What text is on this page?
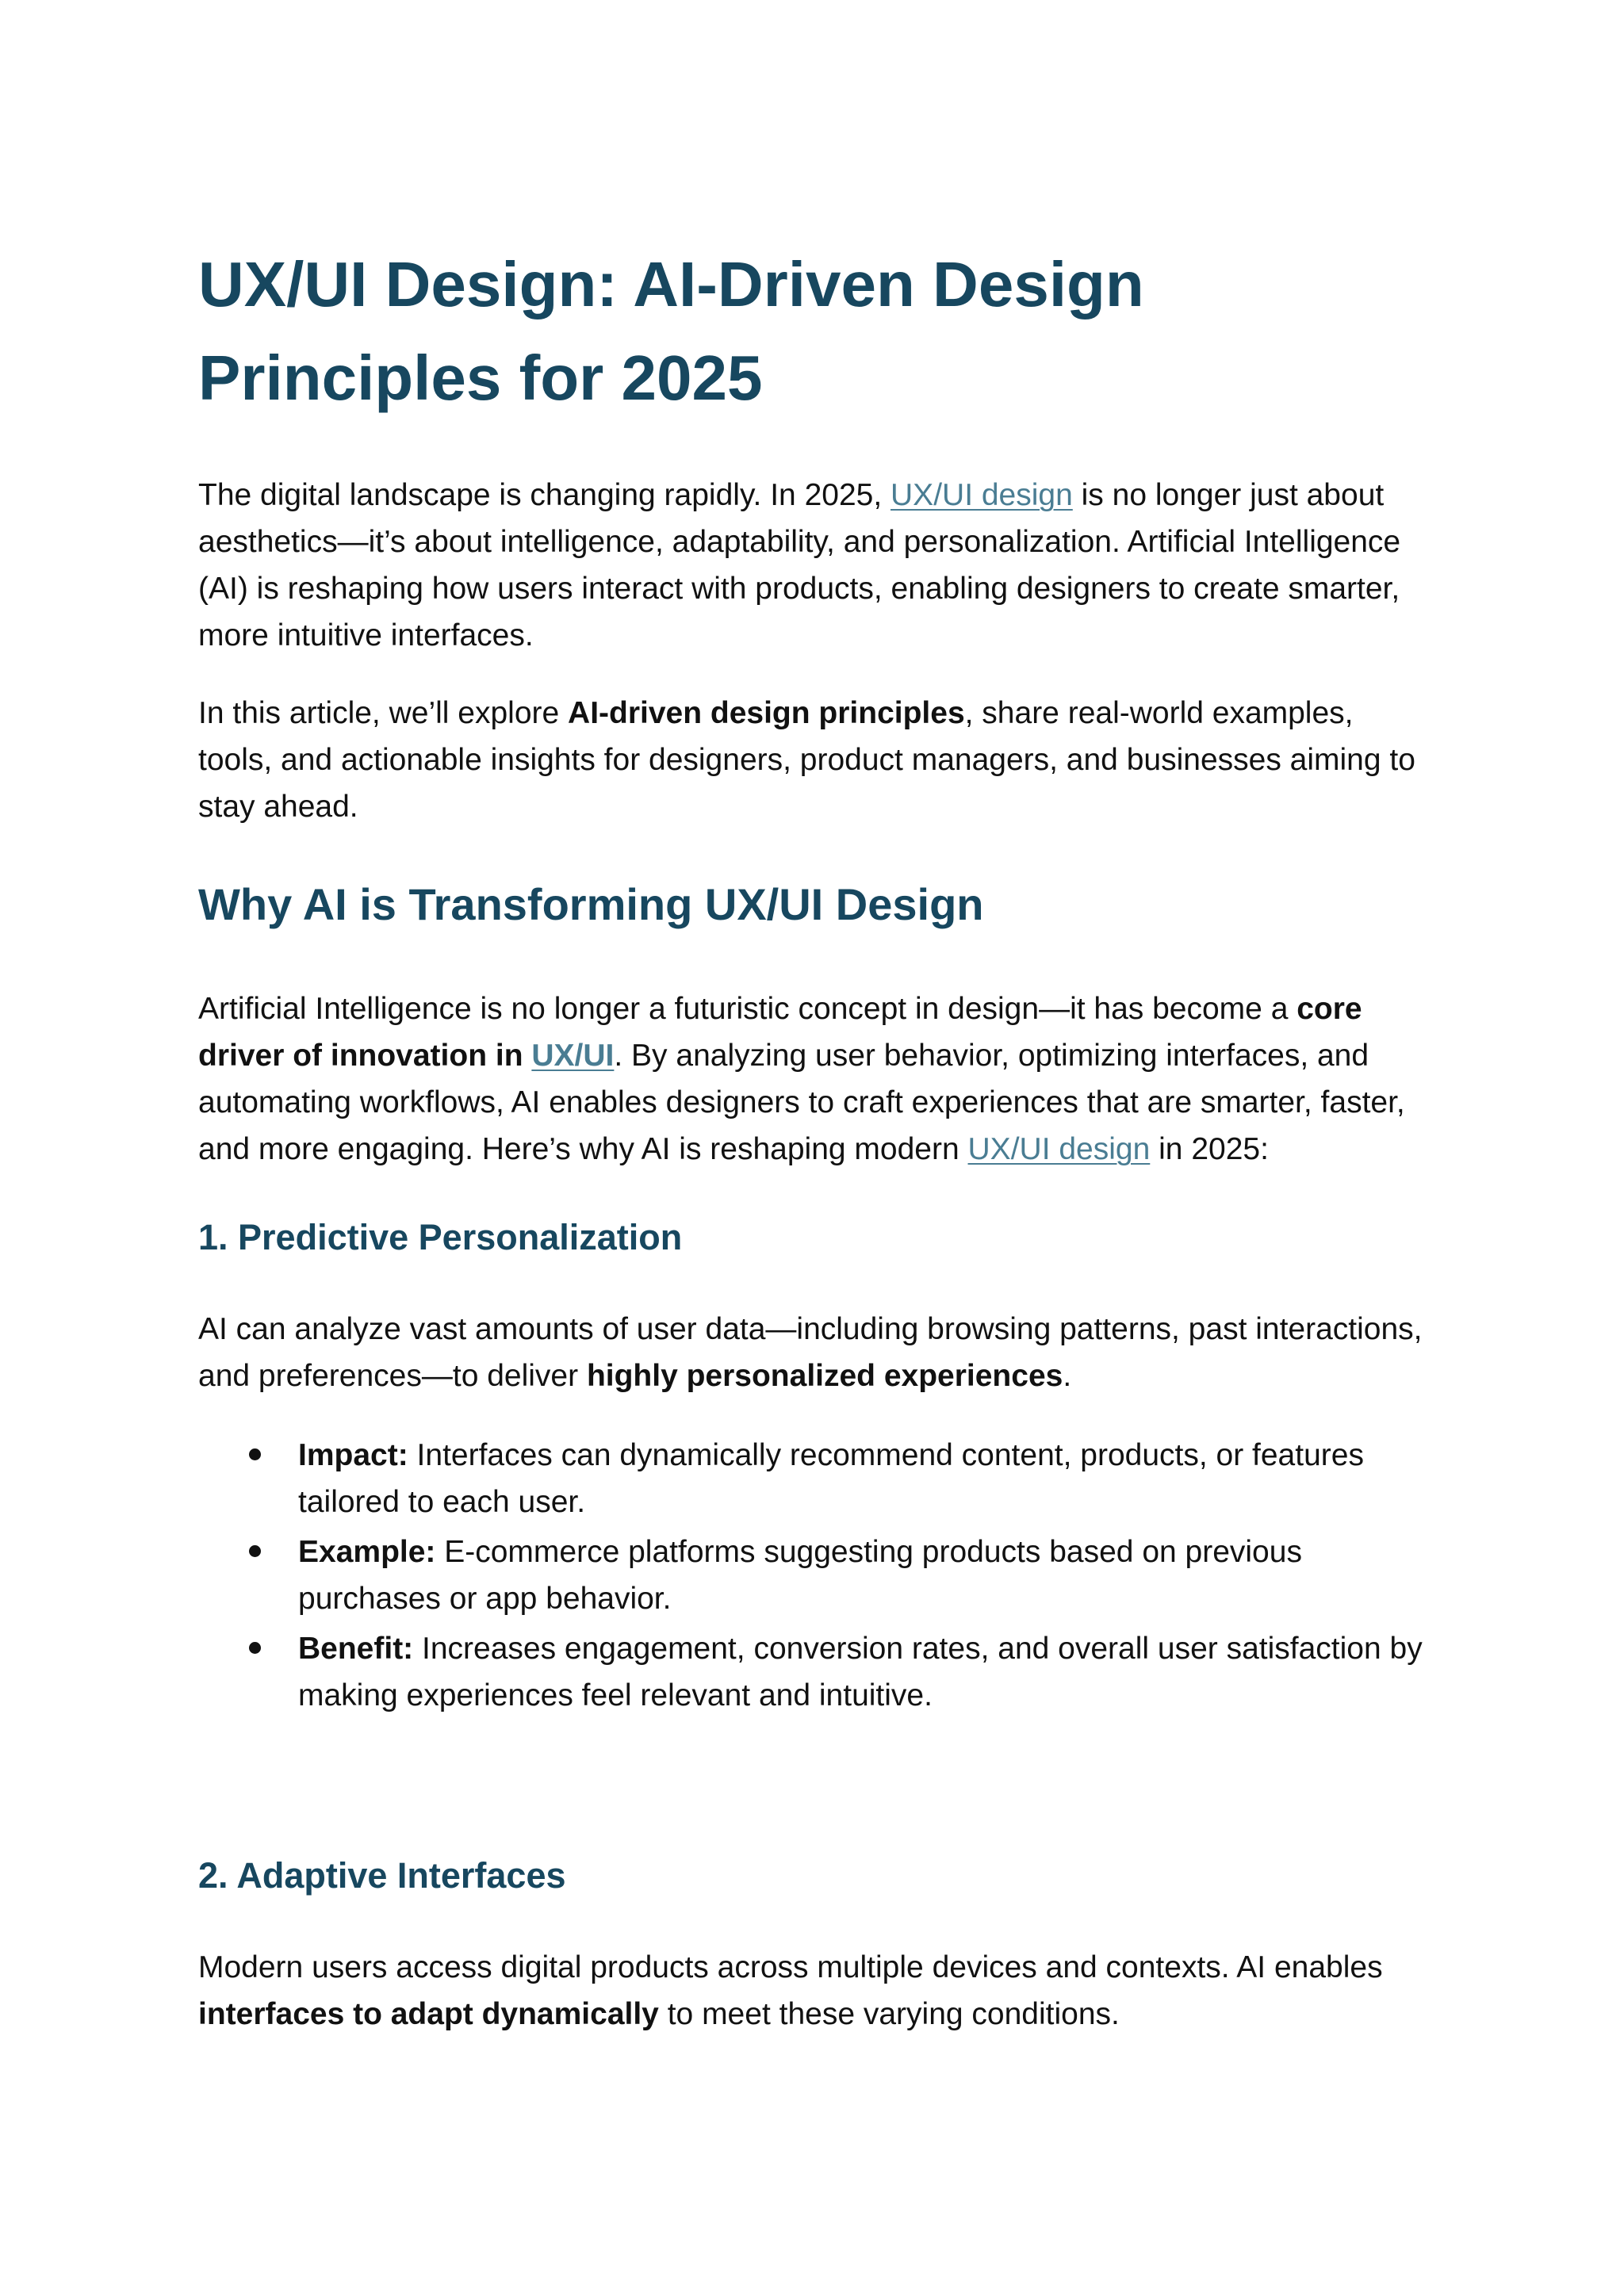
UX/UI Design: AI-Driven Design
Principles for 2025

The digital landscape is changing rapidly. In 2025, UX/UI design is no longer just about aesthetics—it’s about intelligence, adaptability, and personalization. Artificial Intelligence (AI) is reshaping how users interact with products, enabling designers to create smarter, more intuitive interfaces.

In this article, we’ll explore AI-driven design principles, share real-world examples, tools, and actionable insights for designers, product managers, and businesses aiming to stay ahead.

Why AI is Transforming UX/UI Design

Artificial Intelligence is no longer a futuristic concept in design—it has become a core driver of innovation in UX/UI. By analyzing user behavior, optimizing interfaces, and automating workflows, AI enables designers to craft experiences that are smarter, faster, and more engaging. Here’s why AI is reshaping modern UX/UI design in 2025:

1. Predictive Personalization

AI can analyze vast amounts of user data—including browsing patterns, past interactions, and preferences—to deliver highly personalized experiences.

Impact: Interfaces can dynamically recommend content, products, or features tailored to each user.
Example: E-commerce platforms suggesting products based on previous purchases or app behavior.
Benefit: Increases engagement, conversion rates, and overall user satisfaction by making experiences feel relevant and intuitive.
2. Adaptive Interfaces

Modern users access digital products across multiple devices and contexts. AI enables interfaces to adapt dynamically to meet these varying conditions.
